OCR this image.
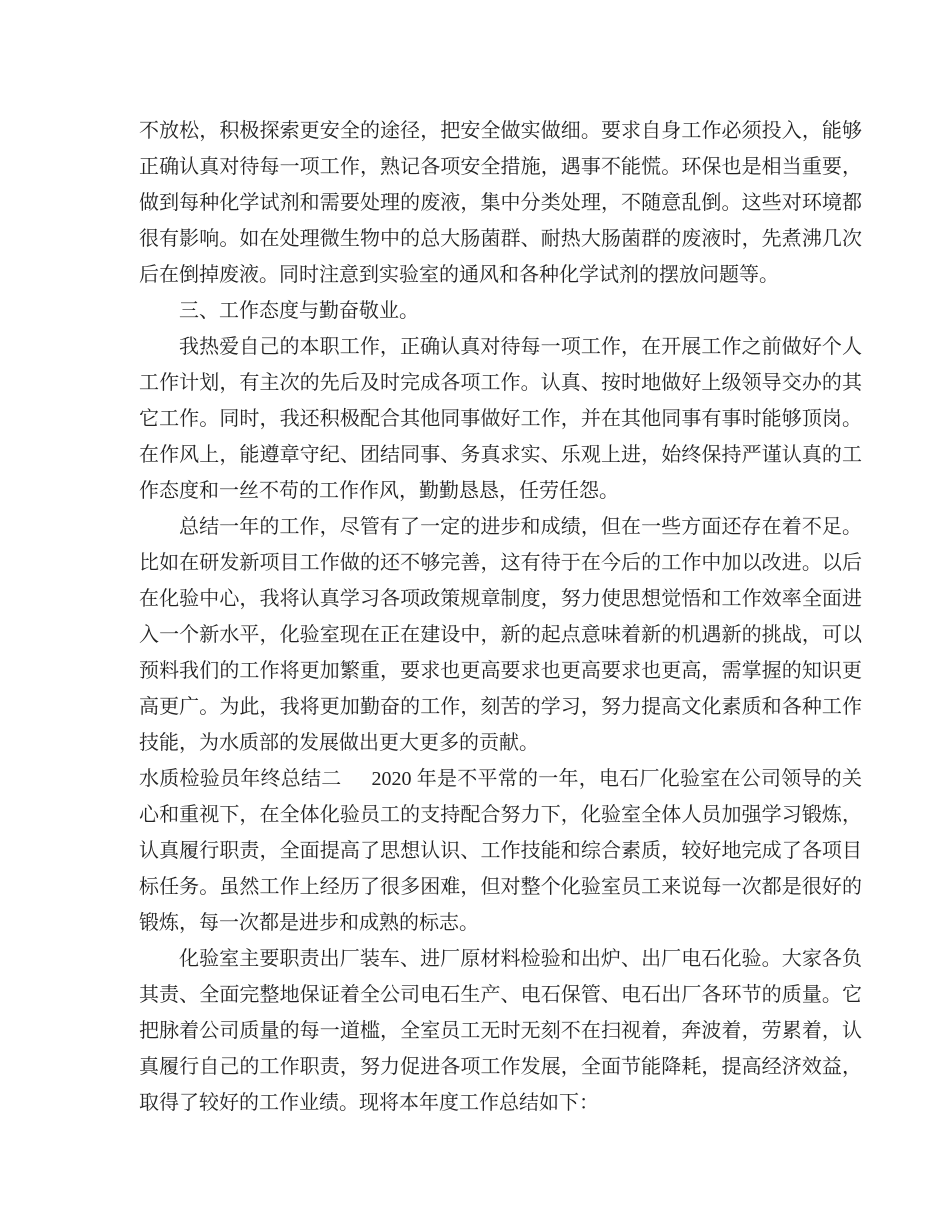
不放松，积极探索更安全的途径，把安全做实做细。要求自身工作必须投入，能够正确认真对待每一项工作，熟记各项安全措施，遇事不能慌。环保也是相当重要，做到每种化学试剂和需要处理的废液，集中分类处理，不随意乱倒。这些对环境都很有影响。如在处理微生物中的总大肠菌群、耐热大肠菌群的废液时，先煮沸几次后在倒掉废液。同时注意到实验室的通风和各种化学试剂的摆放问题等。

三、工作态度与勤奋敬业。

我热爱自己的本职工作，正确认真对待每一项工作，在开展工作之前做好个人工作计划，有主次的先后及时完成各项工作。认真、按时地做好上级领导交办的其它工作。同时，我还积极配合其他同事做好工作，并在其他同事有事时能够顶岗。在作风上，能遵章守纪、团结同事、务真求实、乐观上进，始终保持严谨认真的工作态度和一丝不苟的工作作风，勤勤恳恳，任劳任怨。

总结一年的工作，尽管有了一定的进步和成绩，但在一些方面还存在着不足。比如在研发新项目工作做的还不够完善，这有待于在今后的工作中加以改进。以后在化验中心，我将认真学习各项政策规章制度，努力使思想觉悟和工作效率全面进入一个新水平，化验室现在正在建设中，新的起点意味着新的机遇新的挑战，可以预料我们的工作将更加繁重，要求也更高要求也更高要求也更高，需掌握的知识更高更广。为此，我将更加勤奋的工作，刻苦的学习，努力提高文化素质和各种工作技能，为水质部的发展做出更大更多的贡献。

水质检验员年终总结二 2020 年是不平常的一年，电石厂化验室在公司领导的关心和重视下，在全体化验员工的支持配合努力下，化验室全体人员加强学习锻炼，认真履行职责，全面提高了思想认识、工作技能和综合素质，较好地完成了各项目标任务。虽然工作上经历了很多困难，但对整个化验室员工来说每一次都是很好的锻炼，每一次都是进步和成熟的标志。

化验室主要职责出厂装车、进厂原材料检验和出炉、出厂电石化验。大家各负其责、全面完整地保证着全公司电石生产、电石保管、电石出厂各环节的质量。它把脉着公司质量的每一道槛，全室员工无时无刻不在扫视着，奔波着，劳累着，认真履行自己的工作职责，努力促进各项工作发展，全面节能降耗，提高经济效益，取得了较好的工作业绩。现将本年度工作总结如下：
